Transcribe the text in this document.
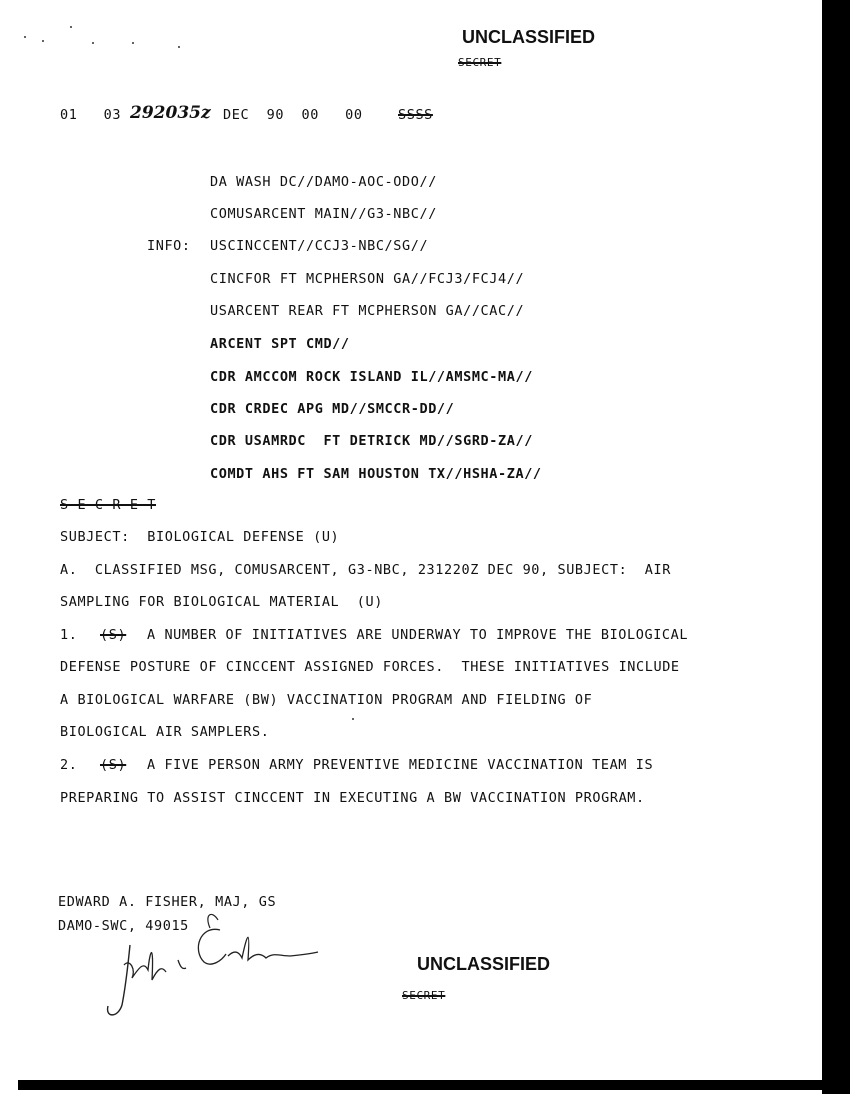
UNCLASSIFIED
SECRET
01   03 292035z DEC  90  00   00	SSSS
DA WASH DC//DAMO-AOC-ODO//
COMUSARCENT MAIN//G3-NBC//
INFO: USCINCCENT//CCJ3-NBC/SG//
CINCFOR FT MCPHERSON GA//FCJ3/FCJ4//
USARCENT REAR FT MCPHERSON GA//CAC//
ARCENT SPT CMD//
CDR AMCCOM ROCK ISLAND IL//AMSMC-MA//
CDR CRDEC APG MD//SMCCR-DD//
CDR USAMRDC  FT DETRICK MD//SGRD-ZA//
COMDT AHS FT SAM HOUSTON TX//HSHA-ZA//
S E C R E T
SUBJECT:  BIOLOGICAL DEFENSE (U)
A.  CLASSIFIED MSG, COMUSARCENT, G3-NBC, 231220Z DEC 90, SUBJECT:  AIR
SAMPLING FOR BIOLOGICAL MATERIAL  (U)
1. (S) A NUMBER OF INITIATIVES ARE UNDERWAY TO IMPROVE THE BIOLOGICAL
DEFENSE POSTURE OF CINCCENT ASSIGNED FORCES.  THESE INITIATIVES INCLUDE
A BIOLOGICAL WARFARE (BW) VACCINATION PROGRAM AND FIELDING OF
BIOLOGICAL AIR SAMPLERS.
2. (S) A FIVE PERSON ARMY PREVENTIVE MEDICINE VACCINATION TEAM IS
PREPARING TO ASSIST CINCCENT IN EXECUTING A BW VACCINATION PROGRAM.
EDWARD A. FISHER, MAJ, GS
DAMO-SWC, 49015
UNCLASSIFIED
SECRET
